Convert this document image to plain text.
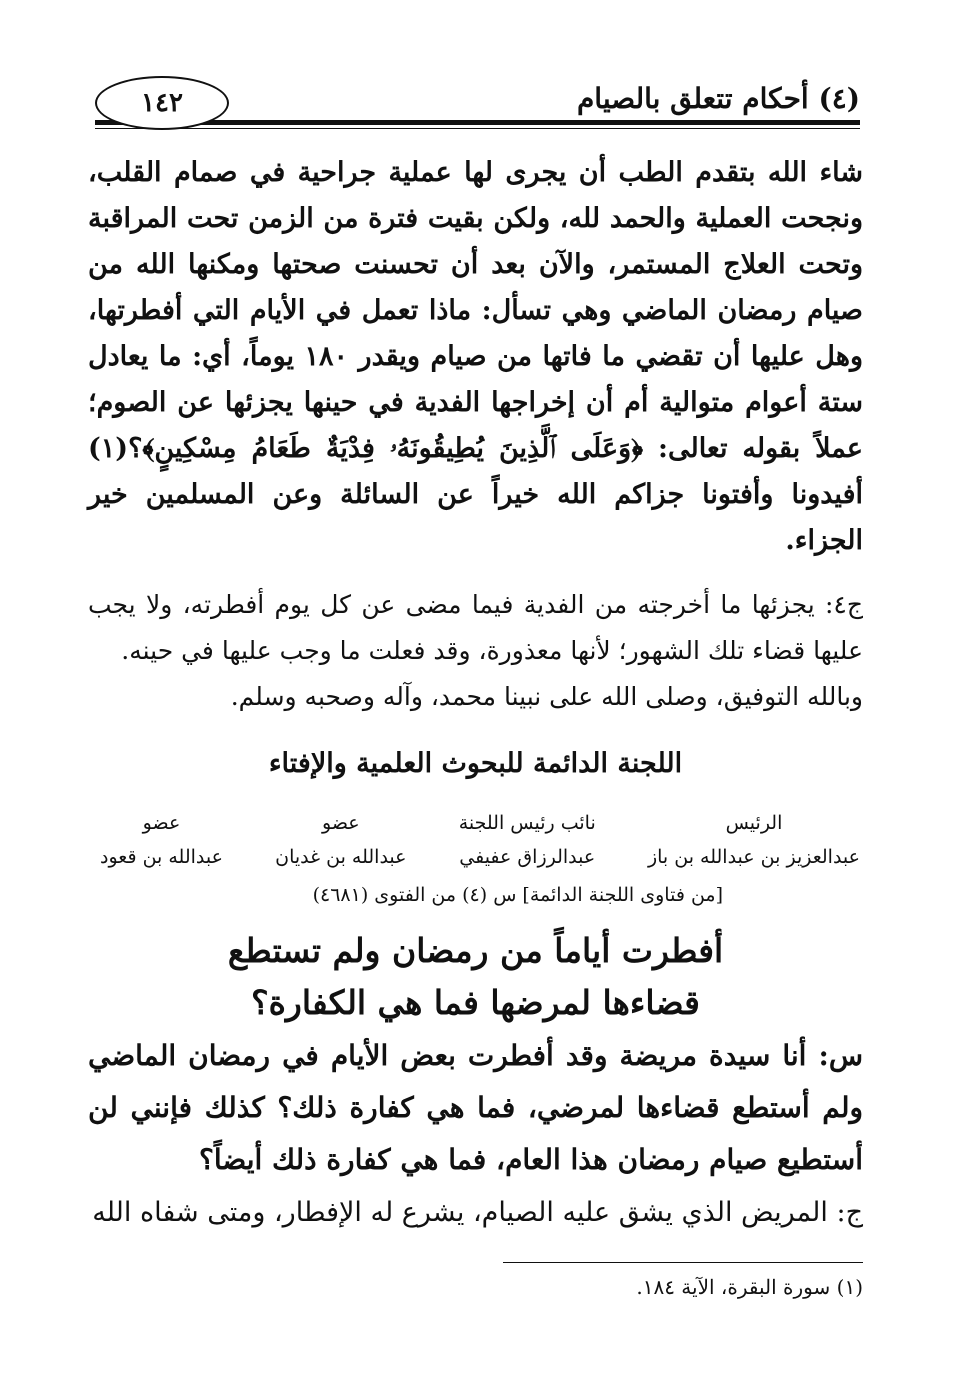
١٤٢	(٤) أحكام تتعلق بالصيام
شاء الله بتقدم الطب أن يجرى لها عملية جراحية في صمام القلب، ونجحت العملية والحمد لله، ولكن بقيت فترة من الزمن تحت المراقبة وتحت العلاج المستمر، والآن بعد أن تحسنت صحتها ومكنها الله من صيام رمضان الماضي وهي تسأل: ماذا تعمل في الأيام التي أفطرتها، وهل عليها أن تقضي ما فاتها من صيام ويقدر ١٨٠ يوماً، أي: ما يعادل ستة أعوام متوالية أم أن إخراجها الفدية في حينها يجزئها عن الصوم؛ عملاً بقوله تعالى: ﴿وَعَلَى ٱلَّذِينَ يُطِيقُونَهُۥ فِدْيَةٌ طَعَامُ مِسْكِينٍ﴾؟(١) أفيدونا وأفتونا جزاكم الله خيراً عن السائلة وعن المسلمين خير الجزاء.

ج٤: يجزئها ما أخرجته من الفدية فيما مضى عن كل يوم أفطرته، ولا يجب عليها قضاء تلك الشهور؛ لأنها معذورة، وقد فعلت ما وجب عليها في حينه.

وبالله التوفيق، وصلى الله على نبينا محمد، وآله وصحبه وسلم.

اللجنة الدائمة للبحوث العلمية والإفتاء
الرئيس
عبدالعزيز بن عبدالله بن باز
نائب رئيس اللجنة
عبدالرزاق عفيفي
عضو
عبدالله بن غديان
عضو
عبدالله بن قعود
[من فتاوى اللجنة الدائمة] س (٤) من الفتوى (٤٦٨١)
أفطرت أياماً من رمضان ولم تستطع
قضاءها لمرضها فما هي الكفارة؟
س: أنا سيدة مريضة وقد أفطرت بعض الأيام في رمضان الماضي ولم أستطع قضاءها لمرضي، فما هي كفارة ذلك؟ كذلك فإنني لن أستطيع صيام رمضان هذا العام، فما هي كفارة ذلك أيضاً؟
ج: المريض الذي يشق عليه الصيام، يشرع له الإفطار، ومتى شفاه الله
(١) سورة البقرة، الآية ١٨٤.
